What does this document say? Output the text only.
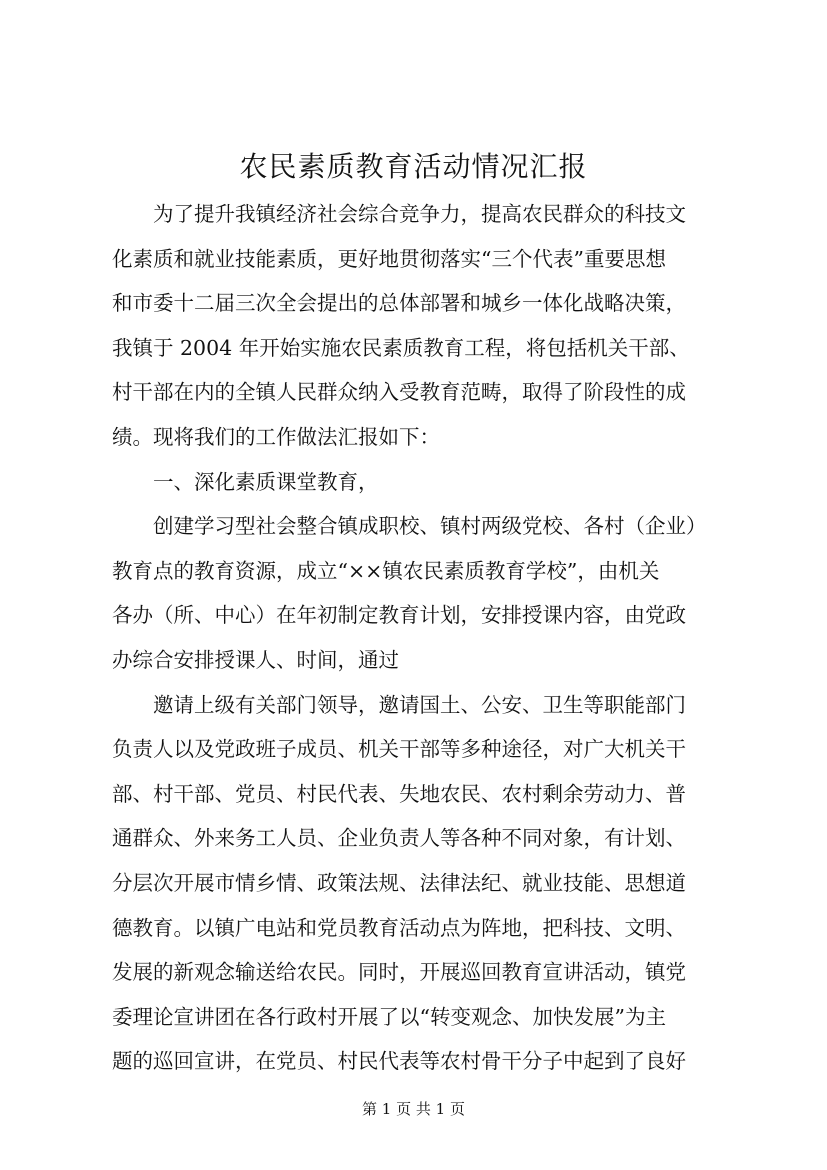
农民素质教育活动情况汇报
为了提升我镇经济社会综合竞争力，提高农民群众的科技文
化素质和就业技能素质，更好地贯彻落实“三个代表”重要思想
和市委十二届三次全会提出的总体部署和城乡一体化战略决策，
我镇于 2004 年开始实施农民素质教育工程，将包括机关干部、
村干部在内的全镇人民群众纳入受教育范畴，取得了阶段性的成
绩。现将我们的工作做法汇报如下：
一、深化素质课堂教育，
创建学习型社会整合镇成职校、镇村两级党校、各村（企业）
教育点的教育资源，成立“××镇农民素质教育学校”，由机关
各办（所、中心）在年初制定教育计划，安排授课内容，由党政
办综合安排授课人、时间，通过
邀请上级有关部门领导，邀请国土、公安、卫生等职能部门
负责人以及党政班子成员、机关干部等多种途径，对广大机关干
部、村干部、党员、村民代表、失地农民、农村剩余劳动力、普
通群众、外来务工人员、企业负责人等各种不同对象，有计划、
分层次开展市情乡情、政策法规、法律法纪、就业技能、思想道
德教育。以镇广电站和党员教育活动点为阵地，把科技、文明、
发展的新观念输送给农民。同时，开展巡回教育宣讲活动，镇党
委理论宣讲团在各行政村开展了以“转变观念、加快发展”为主
题的巡回宣讲，在党员、村民代表等农村骨干分子中起到了良好
第 1 页 共 1 页
